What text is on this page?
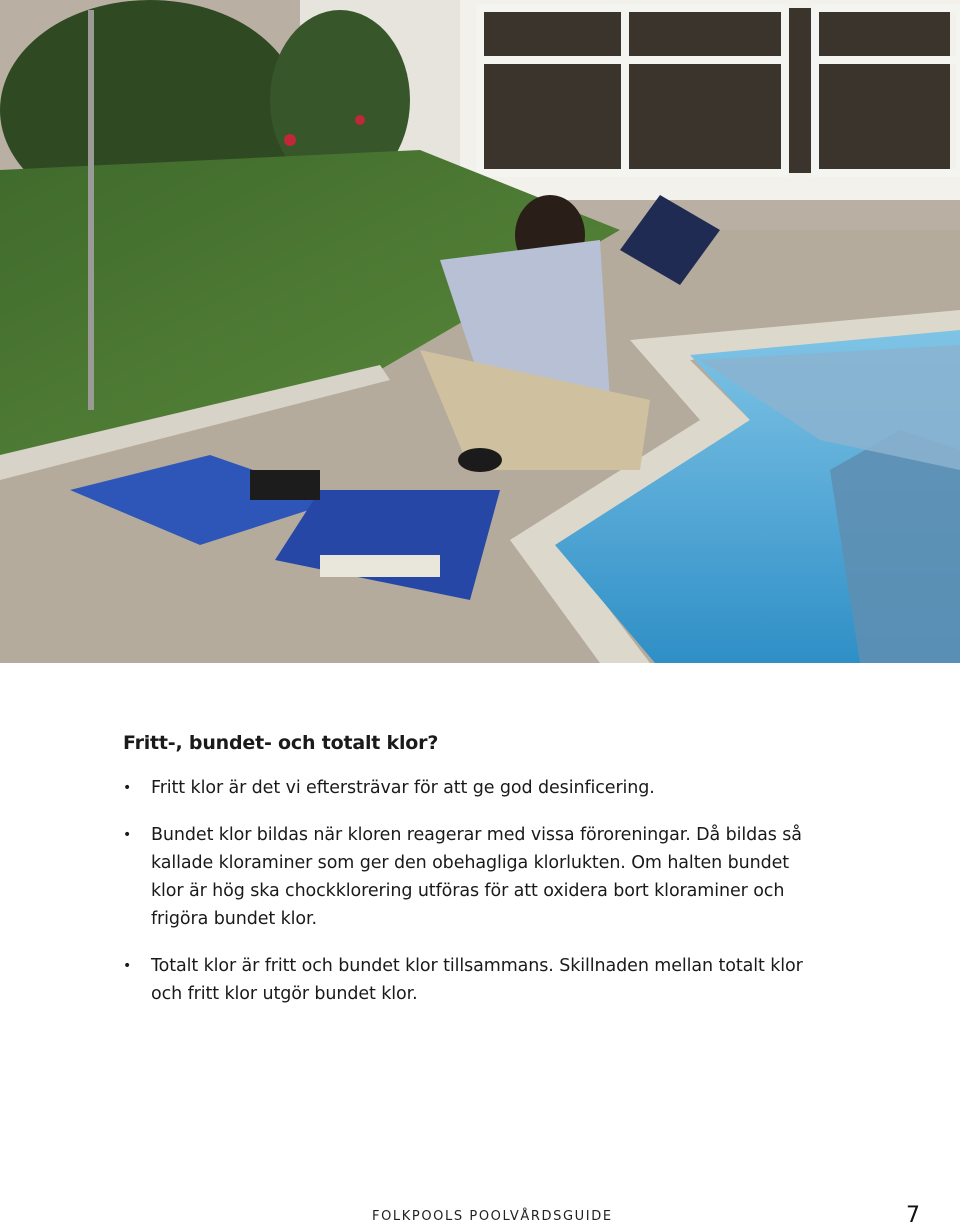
Fritt-, bundet- och totalt klor?
• Fritt klor är det vi eftersträvar för att ge god desinficering.
• Bundet klor bildas när kloren reagerar med vissa föroreningar. Då bildas så kallade kloraminer som ger den obehagliga klorlukten. Om halten bundet klor är hög ska chockklorering utföras för att oxidera bort kloraminer och frigöra bundet klor.
• Totalt klor är fritt och bundet klor tillsammans. Skillnaden mellan totalt klor och fritt klor utgör bundet klor.
FOLKPOOLS POOLVÅRDSGUIDE	7
